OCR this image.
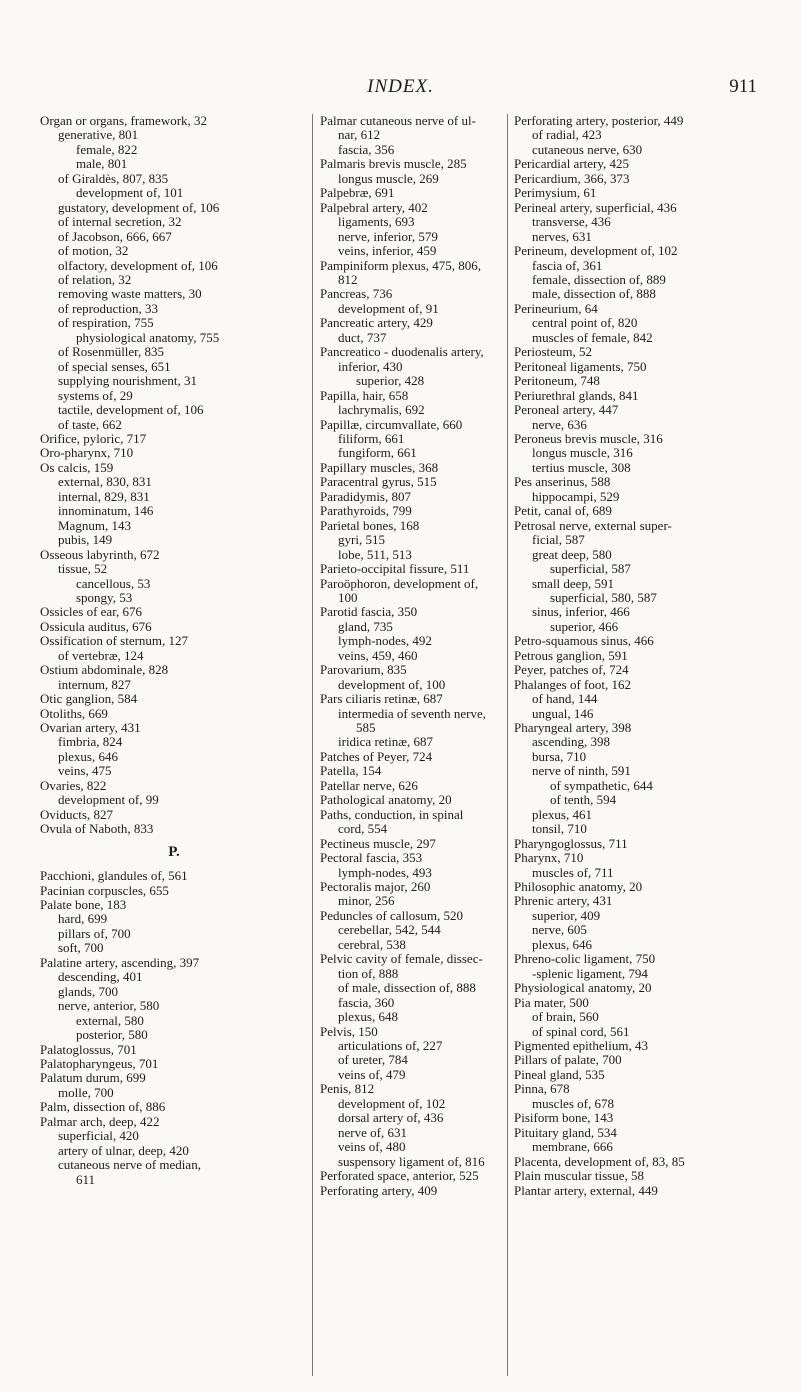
INDEX.	911
Organ or organs, framework, 32
generative, 801
female, 822
male, 801
of Giraldès, 807, 835
development of, 101
gustatory, development of, 106
of internal secretion, 32
of Jacobson, 666, 667
of motion, 32
olfactory, development of, 106
of relation, 32
removing waste matters, 30
of reproduction, 33
of respiration, 755
physiological anatomy, 755
of Rosenmüller, 835
of special senses, 651
supplying nourishment, 31
systems of, 29
tactile, development of, 106
of taste, 662
Orifice, pyloric, 717
Oro-pharynx, 710
Os calcis, 159
external, 830, 831
internal, 829, 831
innominatum, 146
Magnum, 143
pubis, 149
Osseous labyrinth, 672
tissue, 52
cancellous, 53
spongy, 53
Ossicles of ear, 676
Ossicula auditus, 676
Ossification of sternum, 127
of vertebræ, 124
Ostium abdominale, 828
internum, 827
Otic ganglion, 584
Otoliths, 669
Ovarian artery, 431
fimbria, 824
plexus, 646
veins, 475
Ovaries, 822
development of, 99
Oviducts, 827
Ovula of Naboth, 833
P.
Pacchioni, glandules of, 561
Pacinian corpuscles, 655
Palate bone, 183
hard, 699
pillars of, 700
soft, 700
Palatine artery, ascending, 397
descending, 401
glands, 700
nerve, anterior, 580
external, 580
posterior, 580
Palatoglossus, 701
Palatopharyngeus, 701
Palatum durum, 699
molle, 700
Palm, dissection of, 886
Palmar arch, deep, 422
superficial, 420
artery of ulnar, deep, 420
cutaneous nerve of median,
611
Palmar cutaneous nerve of ul-
nar, 612
fascia, 356
Palmaris brevis muscle, 285
longus muscle, 269
Palpebræ, 691
Palpebral artery, 402
ligaments, 693
nerve, inferior, 579
veins, inferior, 459
Pampiniform plexus, 475, 806,
812
Pancreas, 736
development of, 91
Pancreatic artery, 429
duct, 737
Pancreatico - duodenalis artery,
inferior, 430
superior, 428
Papilla, hair, 658
lachrymalis, 692
Papillæ, circumvallate, 660
filiform, 661
fungiform, 661
Papillary muscles, 368
Paracentral gyrus, 515
Paradidymis, 807
Parathyroids, 799
Parietal bones, 168
gyri, 515
lobe, 511, 513
Parieto-occipital fissure, 511
Paroöphoron, development of,
100
Parotid fascia, 350
gland, 735
lymph-nodes, 492
veins, 459, 460
Parovarium, 835
development of, 100
Pars ciliaris retinæ, 687
intermedia of seventh nerve,
585
iridica retinæ, 687
Patches of Peyer, 724
Patella, 154
Patellar nerve, 626
Pathological anatomy, 20
Paths, conduction, in spinal
cord, 554
Pectineus muscle, 297
Pectoral fascia, 353
lymph-nodes, 493
Pectoralis major, 260
minor, 256
Peduncles of callosum, 520
cerebellar, 542, 544
cerebral, 538
Pelvic cavity of female, dissec-
tion of, 888
of male, dissection of, 888
fascia, 360
plexus, 648
Pelvis, 150
articulations of, 227
of ureter, 784
veins of, 479
Penis, 812
development of, 102
dorsal artery of, 436
nerve of, 631
veins of, 480
suspensory ligament of, 816
Perforated space, anterior, 525
Perforating artery, 409
Perforating artery, posterior, 449
of radial, 423
cutaneous nerve, 630
Pericardial artery, 425
Pericardium, 366, 373
Perimysium, 61
Perineal artery, superficial, 436
transverse, 436
nerves, 631
Perineum, development of, 102
fascia of, 361
female, dissection of, 889
male, dissection of, 888
Perineurium, 64
central point of, 820
muscles of female, 842
Periosteum, 52
Peritoneal ligaments, 750
Peritoneum, 748
Periurethral glands, 841
Peroneal artery, 447
nerve, 636
Peroneus brevis muscle, 316
longus muscle, 316
tertius muscle, 308
Pes anserinus, 588
hippocampi, 529
Petit, canal of, 689
Petrosal nerve, external super-
ficial, 587
great deep, 580
superficial, 587
small deep, 591
superficial, 580, 587
sinus, inferior, 466
superior, 466
Petro-squamous sinus, 466
Petrous ganglion, 591
Peyer, patches of, 724
Phalanges of foot, 162
of hand, 144
ungual, 146
Pharyngeal artery, 398
ascending, 398
bursa, 710
nerve of ninth, 591
of sympathetic, 644
of tenth, 594
plexus, 461
tonsil, 710
Pharyngoglossus, 711
Pharynx, 710
muscles of, 711
Philosophic anatomy, 20
Phrenic artery, 431
superior, 409
nerve, 605
plexus, 646
Phreno-colic ligament, 750
-splenic ligament, 794
Physiological anatomy, 20
Pia mater, 500
of brain, 560
of spinal cord, 561
Pigmented epithelium, 43
Pillars of palate, 700
Pineal gland, 535
Pinna, 678
muscles of, 678
Pisiform bone, 143
Pituitary gland, 534
membrane, 666
Placenta, development of, 83, 85
Plain muscular tissue, 58
Plantar artery, external, 449
